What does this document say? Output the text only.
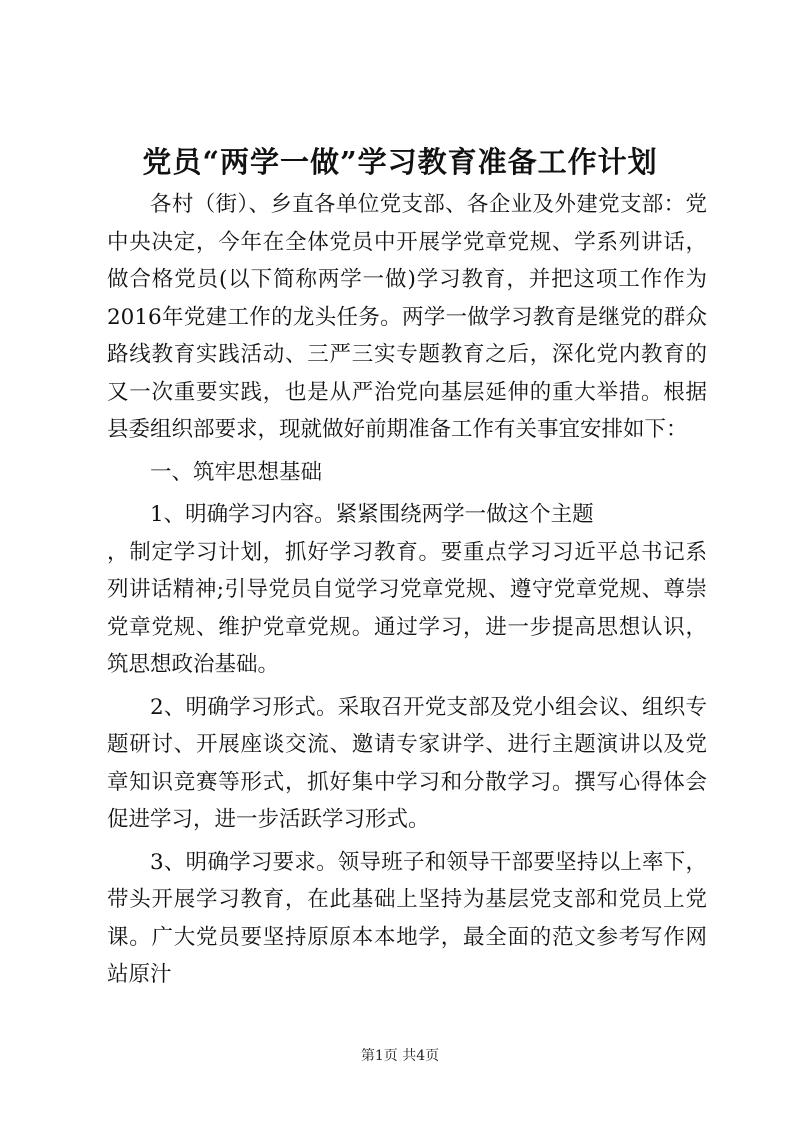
党员“两学一做”学习教育准备工作计划

各村（街）、乡直各单位党支部、各企业及外建党支部：党中央决定，今年在全体党员中开展学党章党规、学系列讲话，做合格党员(以下简称两学一做)学习教育，并把这项工作作为2016年党建工作的龙头任务。两学一做学习教育是继党的群众路线教育实践活动、三严三实专题教育之后，深化党内教育的又一次重要实践，也是从严治党向基层延伸的重大举措。根据县委组织部要求，现就做好前期准备工作有关事宜安排如下：

一、筑牢思想基础

1、明确学习内容。紧紧围绕两学一做这个主题

，制定学习计划，抓好学习教育。要重点学习习近平总书记系列讲话精神;引导党员自觉学习党章党规、遵守党章党规、尊崇党章党规、维护党章党规。通过学习，进一步提高思想认识，筑思想政治基础。

2、明确学习形式。采取召开党支部及党小组会议、组织专题研讨、开展座谈交流、邀请专家讲学、进行主题演讲以及党章知识竞赛等形式，抓好集中学习和分散学习。撰写心得体会促进学习，进一步活跃学习形式。

3、明确学习要求。领导班子和领导干部要坚持以上率下，带头开展学习教育，在此基础上坚持为基层党支部和党员上党课。广大党员要坚持原原本本地学，最全面的范文参考写作网站原汁

第1页 共4页
